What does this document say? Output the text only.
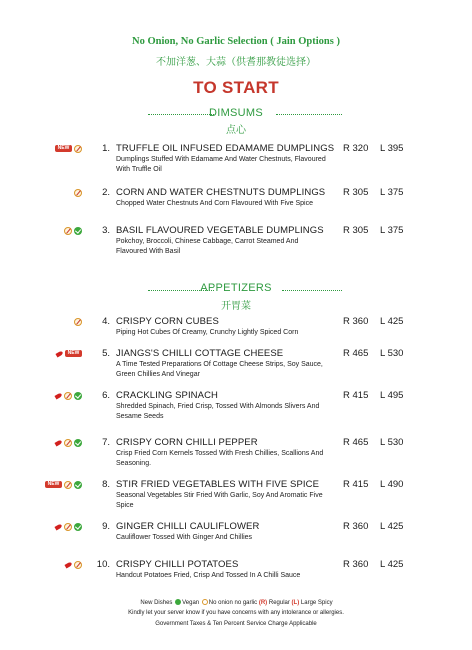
No Onion, No Garlic Selection ( Jain Options )
不加洋葱、大蒜（供耆那教徒选择）
TO START
DIMSUMS
点心
NEW	1. TRUFFLE OIL INFUSED EDAMAME DUMPLINGS
Dumplings Stuffed With Edamame And Water Chestnuts, Flavoured With Truffle Oil
R 320 L 395
2. CORN AND WATER CHESTNUTS DUMPLINGS
Chopped Water Chestnuts And Corn Flavoured With Five Spice
R 305 L 375
3. BASIL FLAVOURED VEGETABLE DUMPLINGS
Pokchoy, Broccoli, Chinese Cabbage, Carrot Steamed And Flavoured With Basil
R 305 L 375
APPETIZERS
开胃菜
4. CRISPY CORN CUBES
Piping Hot Cubes Of Creamy, Crunchy Lightly Spiced Corn
R 360 L 425
NEW	5. JIANGS'S CHILLI COTTAGE CHEESE
A Time Tested Preparations Of Cottage Cheese Strips, Soy Sauce, Green Chillies And Vinegar
R 465 L 530
6. CRACKLING SPINACH
Shredded Spinach, Fried Crisp, Tossed With Almonds Slivers And Sesame Seeds
R 415 L 495
7. CRISPY CORN CHILLI PEPPER
Crisp Fried Corn Kernels Tossed With Fresh Chillies, Scallions And Seasoning.
R 465 L 530
NEW	8. STIR FRIED VEGETABLES WITH FIVE SPICE
Seasonal Vegetables Stir Fried With Garlic, Soy And Aromatic Five Spice
R 415 L 490
9. GINGER CHILLI CAULIFLOWER
Cauliflower Tossed With Ginger And Chillies
R 360 L 425
10. CRISPY CHILLI POTATOES
Handcut Potatoes Fried, Crisp And Tossed In A Chilli Sauce
R 360 L 425
New Dishes Vegan No onion no garlic (R) Regular (L) Large Spicy
Kindly let your server know if you have concerns with any intolerance or allergies.
Government Taxes & Ten Percent Service Charge Applicable
